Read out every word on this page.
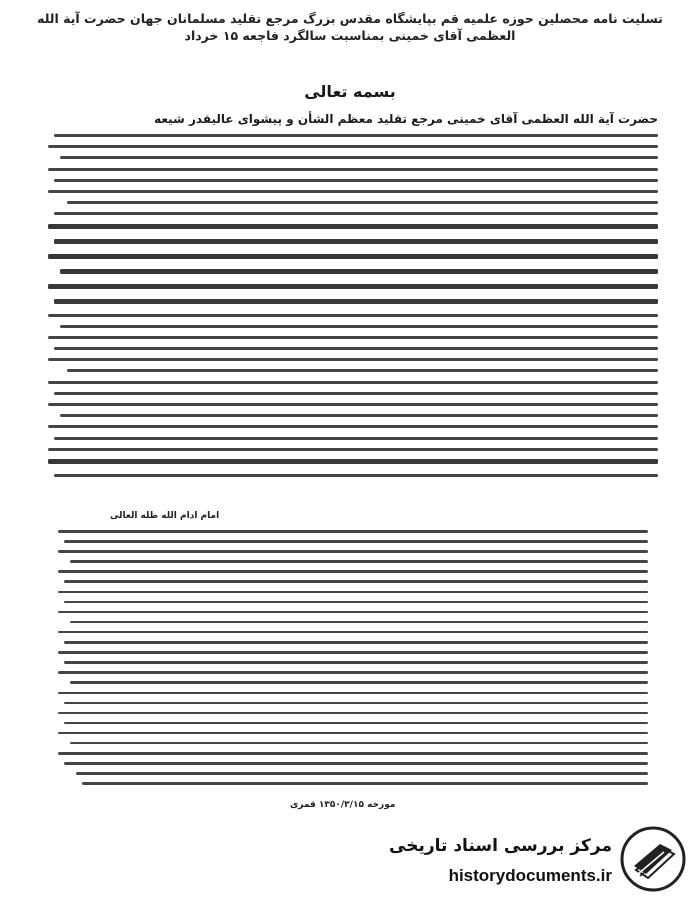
تسلیت نامه محصلین حوزه علمیه قم بپایشگاه مقدس بزرگ مرجع تقلید مسلمانان جهان حضرت آیة الله العظمی آقای خمینی بمناسبت سالگرد فاجعه ۱۵ خرداد
بسمه تعالی
حضرت آیة الله العظمی آقای خمینی مرجع تقلید معظم الشأن و پیشوای عالیقدر شیعه
امام ادام الله ظله العالی
مورخه ۱۳۵۰/۳/۱۵ قمری
مرکز بررسی اسناد تاریخی
historydocuments.ir
